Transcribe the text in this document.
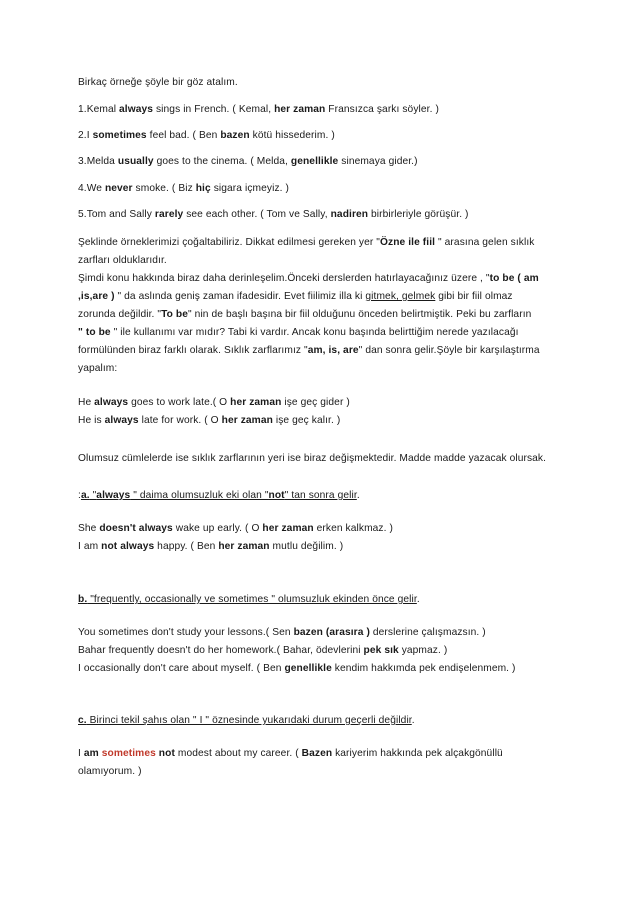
Birkaç örneğe şöyle bir göz atalım.

1.Kemal always sings in French. ( Kemal, her zaman Fransızca şarkı söyler. )

2.I sometimes feel bad. ( Ben bazen kötü hissederim. )

3.Melda usually goes to the cinema. ( Melda, genellikle sinemaya gider.)

4.We never smoke. ( Biz hiç sigara içmeyiz. )

5.Tom and Sally rarely see each other. ( Tom ve Sally, nadiren birbirleriyle görüşür. )

Şeklinde örneklerimizi çoğaltabiliriz. Dikkat edilmesi gereken yer "Özne ile fiil " arasına gelen sıklık

zarfları olduklarıdır.

Şimdi konu hakkında biraz daha derinleşelim.Önceki derslerden hatırlayacağınız üzere , "to be ( am

,is,are ) " da aslında geniş zaman ifadesidir. Evet fiilimiz illa ki gitmek, gelmek gibi bir fiil olmaz

zorunda değildir. "To be" nin de başlı başına bir fiil olduğunu önceden belirtmiştik. Peki bu zarfların

" to be " ile kullanımı var mıdır? Tabi ki vardır. Ancak konu başında belirttiğim nerede yazılacağı

formülünden biraz farklı olarak. Sıklık zarflarımız "am, is, are" dan sonra gelir.Şöyle bir karşılaştırma

yapalım:

He always goes to work late.( O her zaman işe geç gider )

He is always late for work. ( O her zaman işe geç kalır. )

Olumsuz cümlelerde ise sıklık zarflarının yeri ise biraz değişmektedir. Madde madde yazacak olursak.

:a. "always " daima olumsuzluk eki olan "not" tan sonra gelir.

She doesn't always wake up early. ( O her zaman erken kalkmaz. )

I am not always happy. ( Ben her zaman mutlu değilim. )

b. "frequently, occasionally ve sometimes " olumsuzluk ekinden önce gelir.

You sometimes don't study your lessons.( Sen bazen (arasıra ) derslerine çalışmazsın. )

Bahar frequently doesn't do her homework.( Bahar, ödevlerini pek sık yapmaz. )

I occasionally don't care about myself. ( Ben genellikle kendim hakkımda pek endişelenmem. )

c. Birinci tekil şahıs olan " I " öznesinde yukarıdaki durum geçerli değildir.

I am sometimes not modest about my career. ( Bazen kariyerim hakkında pek alçakgönüllü

olamıyorum. )
